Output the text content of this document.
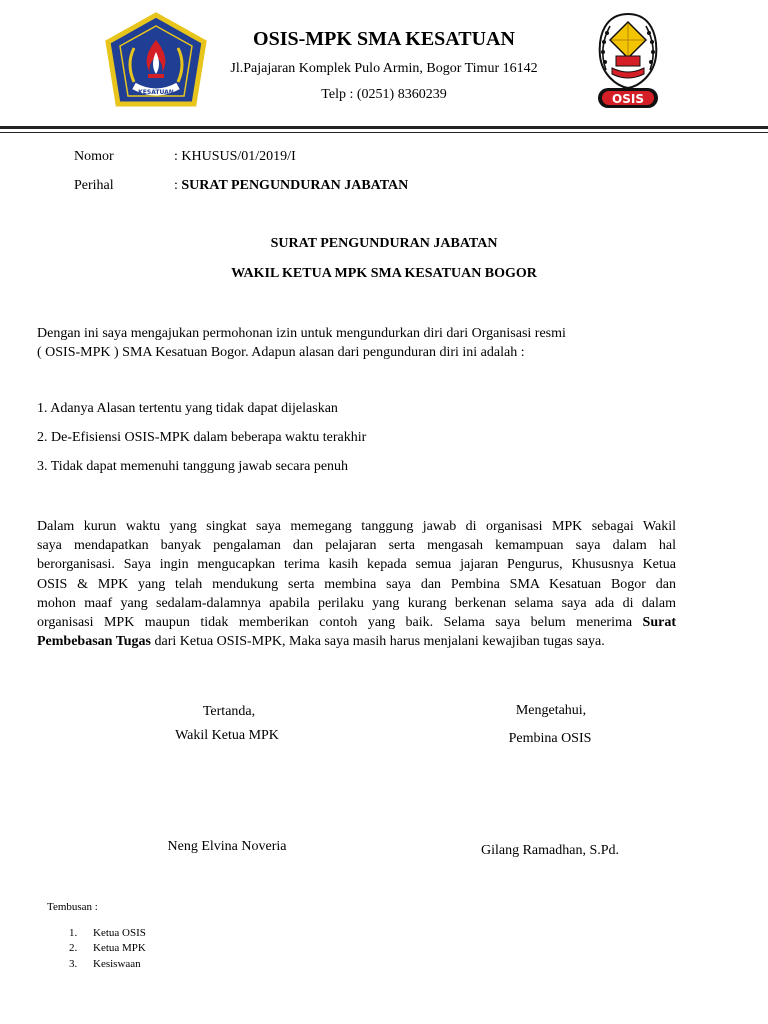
KESATUAN	OSIS
OSIS-MPK SMA KESATUAN
Jl.Pajajaran Komplek Pulo Armin, Bogor Timur 16142
Telp : (0251) 8360239
Nomor	: KHUSUS/01/2019/I
Perihal	: SURAT PENGUNDURAN JABATAN
SURAT PENGUNDURAN JABATAN
WAKIL KETUA MPK SMA KESATUAN BOGOR
Dengan ini saya mengajukan permohonan izin untuk mengundurkan diri dari Organisasi resmi
( OSIS-MPK ) SMA Kesatuan Bogor. Adapun alasan dari pengunduran diri ini adalah :
1. Adanya Alasan tertentu yang tidak dapat dijelaskan
2. De-Efisiensi OSIS-MPK dalam beberapa waktu terakhir
3. Tidak dapat memenuhi tanggung jawab secara penuh
Dalam kurun waktu yang singkat saya memegang tanggung jawab di organisasi MPK sebagai Wakil
saya mendapatkan banyak pengalaman dan pelajaran serta mengasah kemampuan saya dalam hal
berorganisasi. Saya ingin mengucapkan terima kasih kepada semua jajaran Pengurus, Khususnya Ketua
OSIS & MPK yang telah mendukung serta membina saya dan Pembina SMA Kesatuan Bogor dan
mohon maaf yang sedalam-dalamnya apabila perilaku yang kurang berkenan selama saya ada di dalam
organisasi MPK maupun tidak memberikan contoh yang baik. Selama saya belum menerima Surat
Pembebasan Tugas dari Ketua OSIS-MPK, Maka saya masih harus menjalani kewajiban tugas saya.
Tertanda,
Wakil Ketua MPK
Neng Elvina Noveria
Mengetahui,
Pembina OSIS
Gilang Ramadhan, S.Pd.
Tembusan :
1. Ketua OSIS
2. Ketua MPK
3. Kesiswaan
